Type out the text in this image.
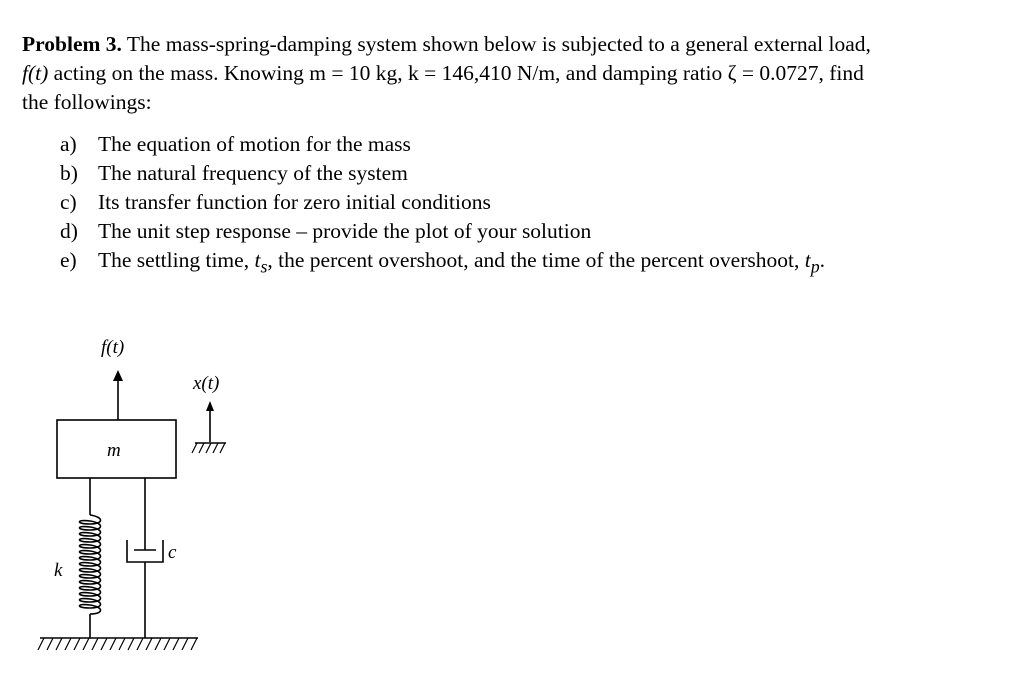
Problem 3. The mass-spring-damping system shown below is subjected to a general external load,

f(t) acting on the mass. Knowing m = 10 kg, k = 146,410 N/m, and damping ratio ζ = 0.0727, find

the followings:

a) The equation of motion for the mass
b) The natural frequency of the system
c) Its transfer function for zero initial conditions
d) The unit step response – provide the plot of your solution
e) The settling time, $t_s$, the percent overshoot, and the time of the percent overshoot, $t_p$.
f(t)
x(t)
m
k
c
